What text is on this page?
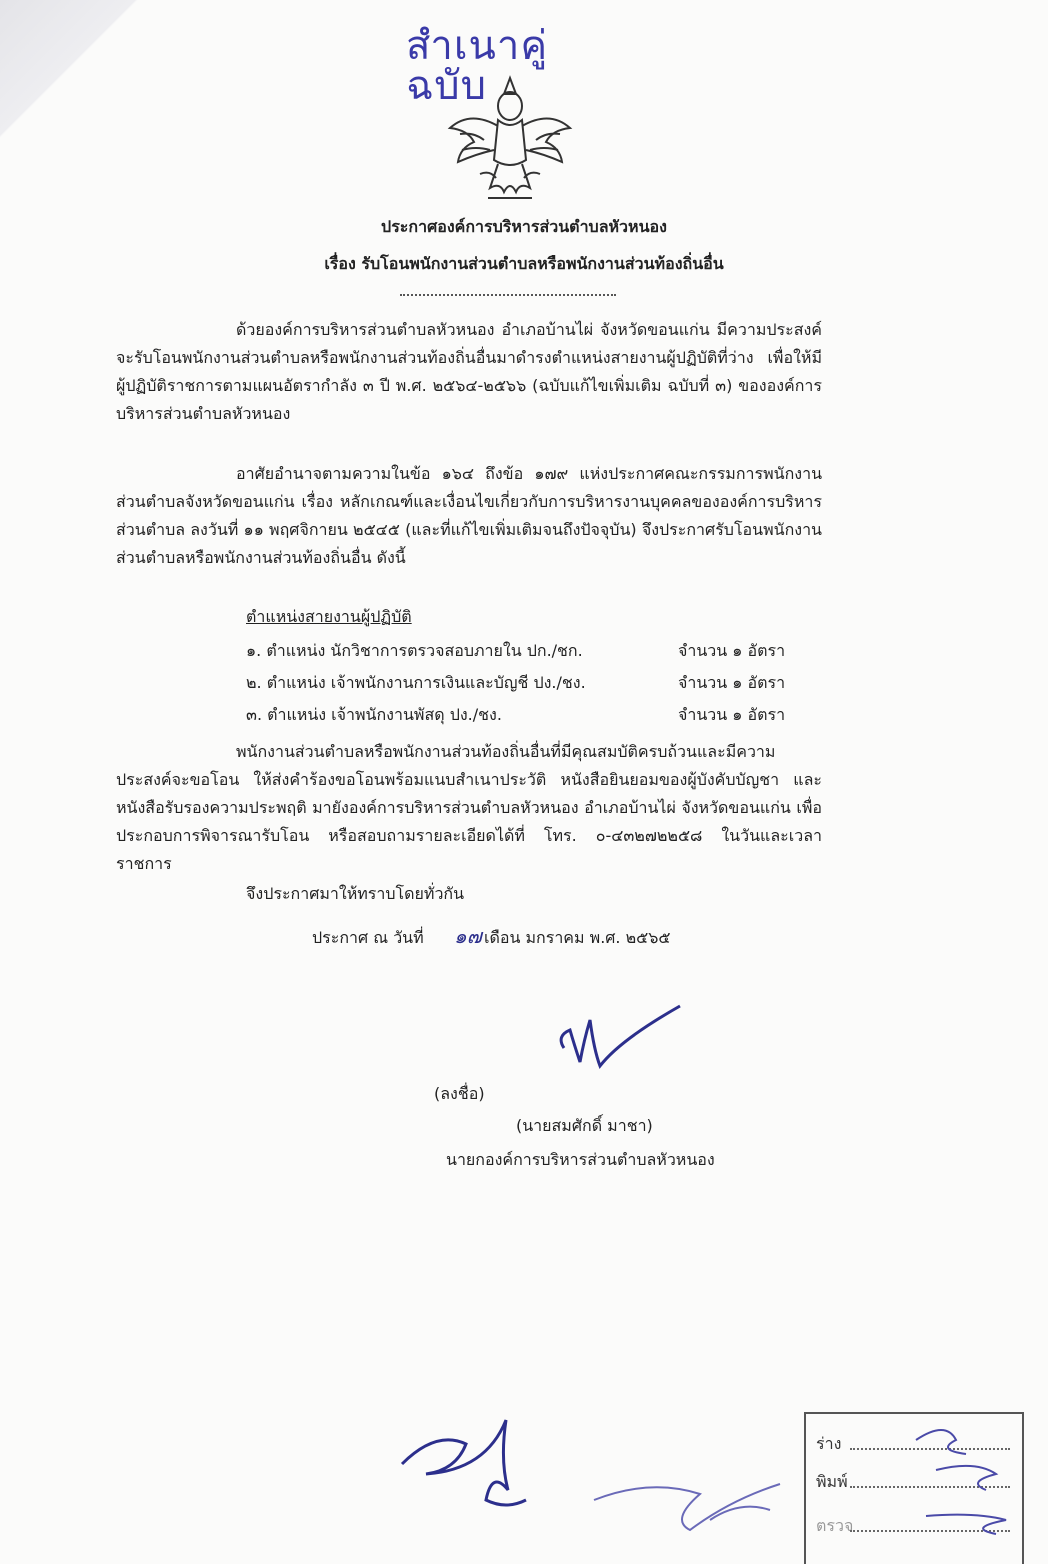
สำเนาคู่ฉบับ
ประกาศองค์การบริหารส่วนตำบลหัวหนอง
เรื่อง รับโอนพนักงานส่วนตำบลหรือพนักงานส่วนท้องถิ่นอื่น

ด้วยองค์การบริหารส่วนตำบลหัวหนอง อำเภอบ้านไผ่ จังหวัดขอนแก่น มีความประสงค์จะรับโอนพนักงานส่วนตำบลหรือพนักงานส่วนท้องถิ่นอื่นมาดำรงตำแหน่งสายงานผู้ปฏิบัติที่ว่าง เพื่อให้มีผู้ปฏิบัติราชการตามแผนอัตรากำลัง ๓ ปี พ.ศ. ๒๕๖๔-๒๕๖๖ (ฉบับแก้ไขเพิ่มเติม ฉบับที่ ๓) ขององค์การบริหารส่วนตำบลหัวหนอง

อาศัยอำนาจตามความในข้อ ๑๖๔ ถึงข้อ ๑๗๙ แห่งประกาศคณะกรรมการพนักงานส่วนตำบลจังหวัดขอนแก่น เรื่อง หลักเกณฑ์และเงื่อนไขเกี่ยวกับการบริหารงานบุคคลขององค์การบริหารส่วนตำบล ลงวันที่ ๑๑ พฤศจิกายน ๒๕๔๕ (และที่แก้ไขเพิ่มเติมจนถึงปัจจุบัน) จึงประกาศรับโอนพนักงานส่วนตำบลหรือพนักงานส่วนท้องถิ่นอื่น ดังนี้

ตำแหน่งสายงานผู้ปฏิบัติ
๑. ตำแหน่ง นักวิชาการตรวจสอบภายใน ปก./ชก.	จำนวน ๑ อัตรา
๒. ตำแหน่ง เจ้าพนักงานการเงินและบัญชี ปง./ชง.	จำนวน ๑ อัตรา
๓. ตำแหน่ง เจ้าพนักงานพัสดุ ปง./ชง.	จำนวน ๑ อัตรา

พนักงานส่วนตำบลหรือพนักงานส่วนท้องถิ่นอื่นที่มีคุณสมบัติครบถ้วนและมีความประสงค์จะขอโอน ให้ส่งคำร้องขอโอนพร้อมแนบสำเนาประวัติ หนังสือยินยอมของผู้บังคับบัญชา และหนังสือรับรองความประพฤติ มายังองค์การบริหารส่วนตำบลหัวหนอง อำเภอบ้านไผ่ จังหวัดขอนแก่น เพื่อประกอบการพิจารณารับโอน หรือสอบถามรายละเอียดได้ที่ โทร. ๐-๔๓๒๗๒๒๕๘ ในวันและเวลาราชการ

จึงประกาศมาให้ทราบโดยทั่วกัน
ประกาศ ณ วันที่ ๑๗ เดือน มกราคม พ.ศ. ๒๕๖๕
(ลงชื่อ)
(นายสมศักดิ์ มาชา)
นายกองค์การบริหารส่วนตำบลหัวหนอง
ร่าง
พิมพ์
ตรวจ
